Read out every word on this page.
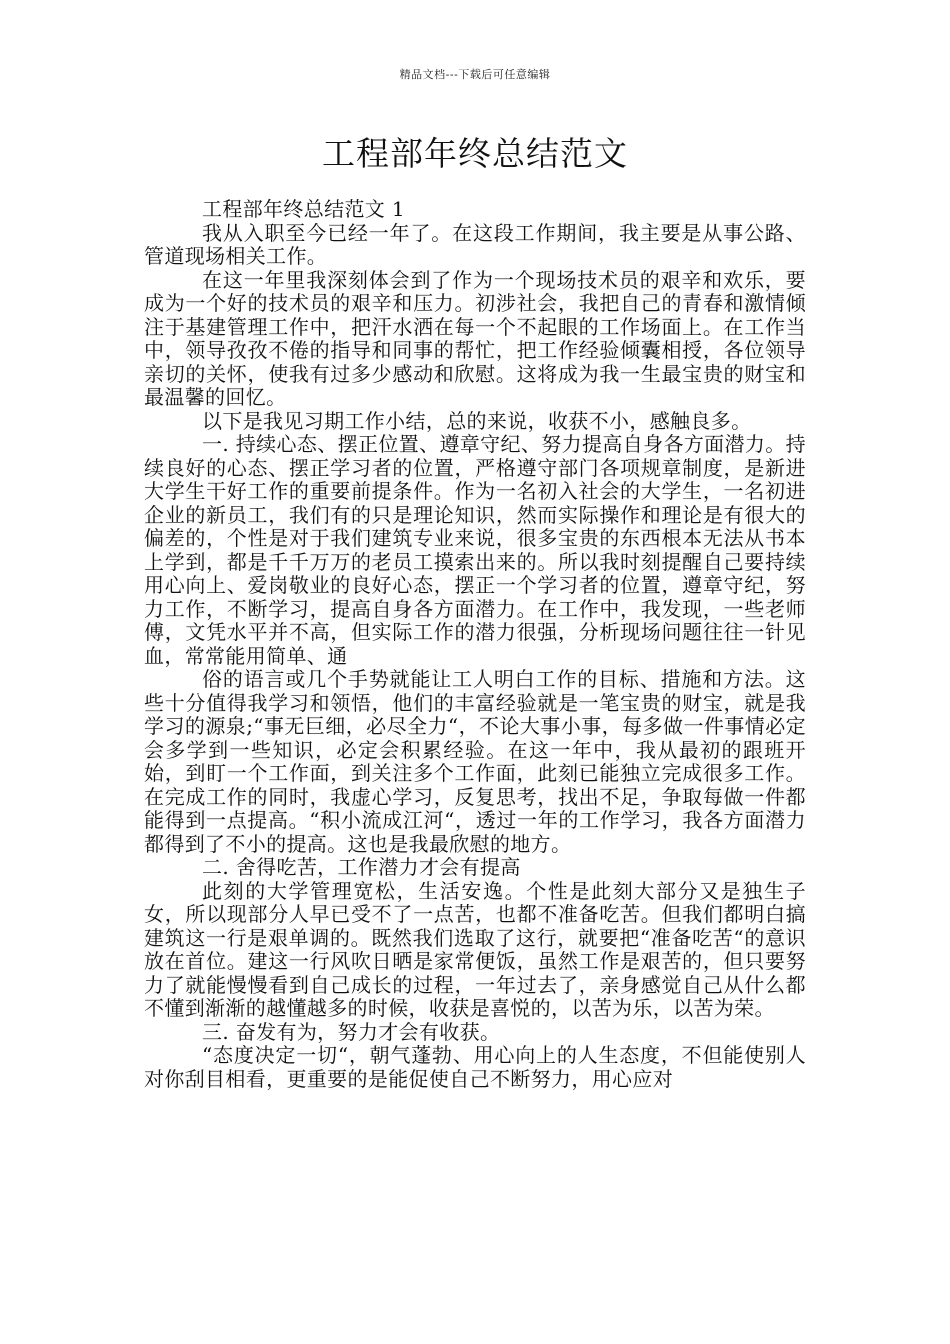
精品文档---下载后可任意编辑
工程部年终总结范文

工程部年终总结范文 1

我从入职至今已经一年了。在这段工作期间，我主要是从事公路、管道现场相关工作。

在这一年里我深刻体会到了作为一个现场技术员的艰辛和欢乐，要成为一个好的技术员的艰辛和压力。初涉社会，我把自己的青春和激情倾注于基建管理工作中，把汗水洒在每一个不起眼的工作场面上。在工作当中，领导孜孜不倦的指导和同事的帮忙，把工作经验倾囊相授，各位领导亲切的关怀，使我有过多少感动和欣慰。这将成为我一生最宝贵的财宝和最温馨的回忆。

以下是我见习期工作小结，总的来说，收获不小，感触良多。

一. 持续心态、摆正位置、遵章守纪、努力提高自身各方面潜力。持续良好的心态、摆正学习者的位置，严格遵守部门各项规章制度，是新进大学生干好工作的重要前提条件。作为一名初入社会的大学生，一名初进企业的新员工，我们有的只是理论知识，然而实际操作和理论是有很大的偏差的，个性是对于我们建筑专业来说，很多宝贵的东西根本无法从书本上学到，都是千千万万的老员工摸索出来的。所以我时刻提醒自己要持续用心向上、爱岗敬业的良好心态，摆正一个学习者的位置，遵章守纪，努力工作，不断学习，提高自身各方面潜力。在工作中，我发现，一些老师傅，文凭水平并不高，但实际工作的潜力很强，分析现场问题往往一针见血，常常能用简单、通

俗的语言或几个手势就能让工人明白工作的目标、措施和方法。这些十分值得我学习和领悟，他们的丰富经验就是一笔宝贵的财宝，就是我学习的源泉;“事无巨细，必尽全力“，不论大事小事，每多做一件事情必定会多学到一些知识，必定会积累经验。在这一年中，我从最初的跟班开始，到盯一个工作面，到关注多个工作面，此刻已能独立完成很多工作。在完成工作的同时，我虚心学习，反复思考，找出不足，争取每做一件都能得到一点提高。“积小流成江河“，透过一年的工作学习，我各方面潜力都得到了不小的提高。这也是我最欣慰的地方。

二. 舍得吃苦，工作潜力才会有提高

此刻的大学管理宽松，生活安逸。个性是此刻大部分又是独生子女，所以现部分人早已受不了一点苦，也都不准备吃苦。但我们都明白搞建筑这一行是艰单调的。既然我们选取了这行，就要把“准备吃苦“的意识放在首位。建这一行风吹日晒是家常便饭，虽然工作是艰苦的，但只要努力了就能慢慢看到自己成长的过程，一年过去了，亲身感觉自己从什么都不懂到渐渐的越懂越多的时候，收获是喜悦的，以苦为乐，以苦为荣。

三. 奋发有为，努力才会有收获。

“态度决定一切“，朝气蓬勃、用心向上的人生态度，不但能使别人对你刮目相看，更重要的是能促使自己不断努力，用心应对
